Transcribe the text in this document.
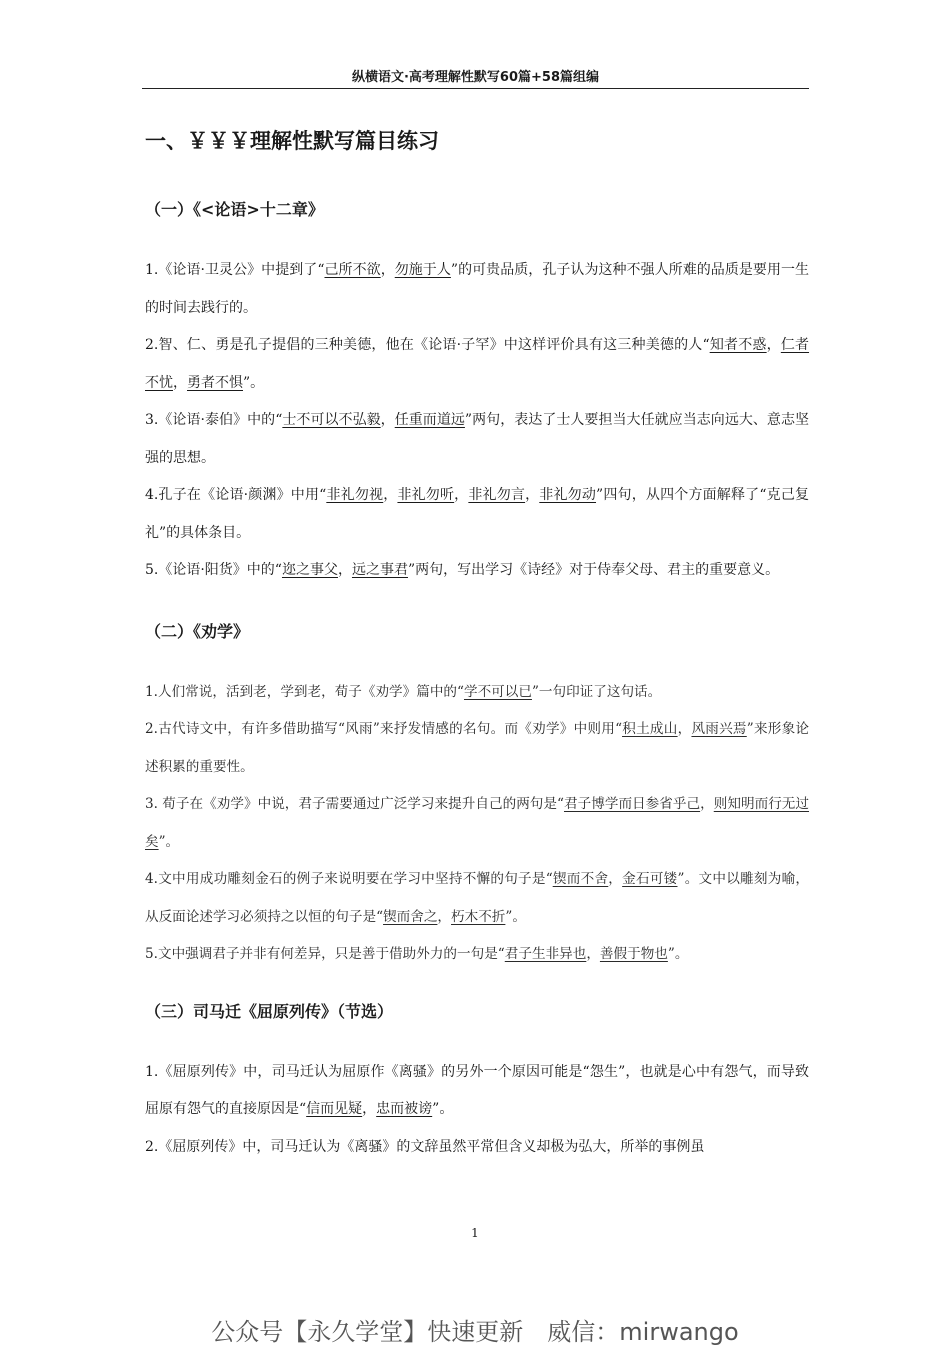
纵横语文·高考理解性默写60篇+58篇组编
一、￥￥￥理解性默写篇目练习
（一）《<论语>十二章》
1.《论语·卫灵公》中提到了“己所不欲，勿施于人”的可贵品质，孔子认为这种不强人所难的品质是要用一生的时间去践行的。
2.智、仁、勇是孔子提倡的三种美德，他在《论语·子罕》中这样评价具有这三种美德的人“知者不惑，仁者不忧，勇者不惧”。
3.《论语·泰伯》中的“士不可以不弘毅，任重而道远”两句，表达了士人要担当大任就应当志向远大、意志坚强的思想。
4.孔子在《论语·颜渊》中用“非礼勿视，非礼勿听，非礼勿言，非礼勿动”四句，从四个方面解释了“克己复礼”的具体条目。
5.《论语·阳货》中的“迩之事父，远之事君”两句，写出学习《诗经》对于侍奉父母、君主的重要意义。
（二）《劝学》
1.人们常说，活到老，学到老，荀子《劝学》篇中的“学不可以已”一句印证了这句话。
2.古代诗文中，有许多借助描写“风雨”来抒发情感的名句。而《劝学》中则用“积土成山，风雨兴焉”来形象论述积累的重要性。
3. 荀子在《劝学》中说，君子需要通过广泛学习来提升自己的两句是“君子博学而日参省乎己，则知明而行无过矣”。
4.文中用成功雕刻金石的例子来说明要在学习中坚持不懈的句子是“锲而不舍，金石可镂”。文中以雕刻为喻，从反面论述学习必须持之以恒的句子是“锲而舍之，朽木不折”。
5.文中强调君子并非有何差异，只是善于借助外力的一句是“君子生非异也，善假于物也”。
（三）司马迁《屈原列传》（节选）
1.《屈原列传》中，司马迁认为屈原作《离骚》的另外一个原因可能是“怨生”，也就是心中有怨气，而导致屈原有怨气的直接原因是“信而见疑，忠而被谤”。
2.《屈原列传》中，司马迁认为《离骚》的文辞虽然平常但含义却极为弘大，所举的事例虽
1
公众号【永久学堂】快速更新　威信：mirwango
